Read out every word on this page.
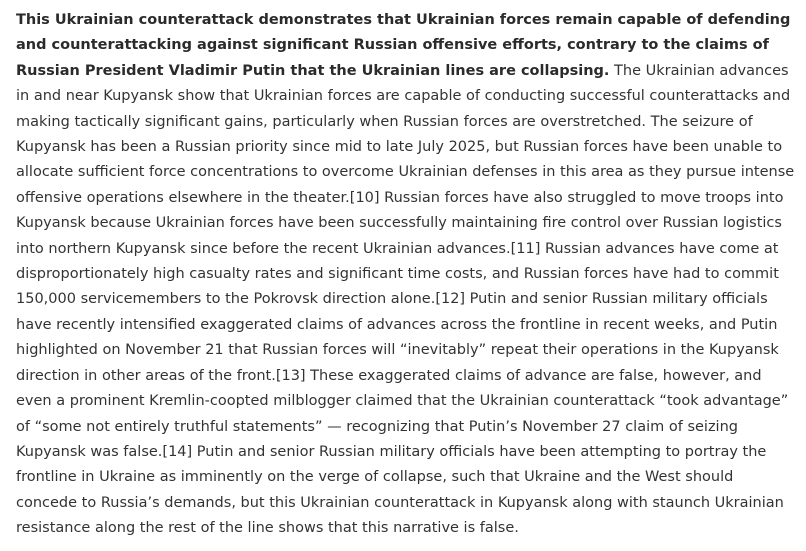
This Ukrainian counterattack demonstrates that Ukrainian forces remain capable of defending and counterattacking against significant Russian offensive efforts, contrary to the claims of Russian President Vladimir Putin that the Ukrainian lines are collapsing. The Ukrainian advances in and near Kupyansk show that Ukrainian forces are capable of conducting successful counterattacks and making tactically significant gains, particularly when Russian forces are overstretched. The seizure of Kupyansk has been a Russian priority since mid to late July 2025, but Russian forces have been unable to allocate sufficient force concentrations to overcome Ukrainian defenses in this area as they pursue intense offensive operations elsewhere in the theater.[10] Russian forces have also struggled to move troops into Kupyansk because Ukrainian forces have been successfully maintaining fire control over Russian logistics into northern Kupyansk since before the recent Ukrainian advances.[11] Russian advances have come at disproportionately high casualty rates and significant time costs, and Russian forces have had to commit 150,000 servicemembers to the Pokrovsk direction alone.[12] Putin and senior Russian military officials have recently intensified exaggerated claims of advances across the frontline in recent weeks, and Putin highlighted on November 21 that Russian forces will “inevitably” repeat their operations in the Kupyansk direction in other areas of the front.[13] These exaggerated claims of advance are false, however, and even a prominent Kremlin-coopted milblogger claimed that the Ukrainian counterattack “took advantage” of “some not entirely truthful statements” — recognizing that Putin’s November 27 claim of seizing Kupyansk was false.[14] Putin and senior Russian military officials have been attempting to portray the frontline in Ukraine as imminently on the verge of collapse, such that Ukraine and the West should concede to Russia’s demands, but this Ukrainian counterattack in Kupyansk along with staunch Ukrainian resistance along the rest of the line shows that this narrative is false.
